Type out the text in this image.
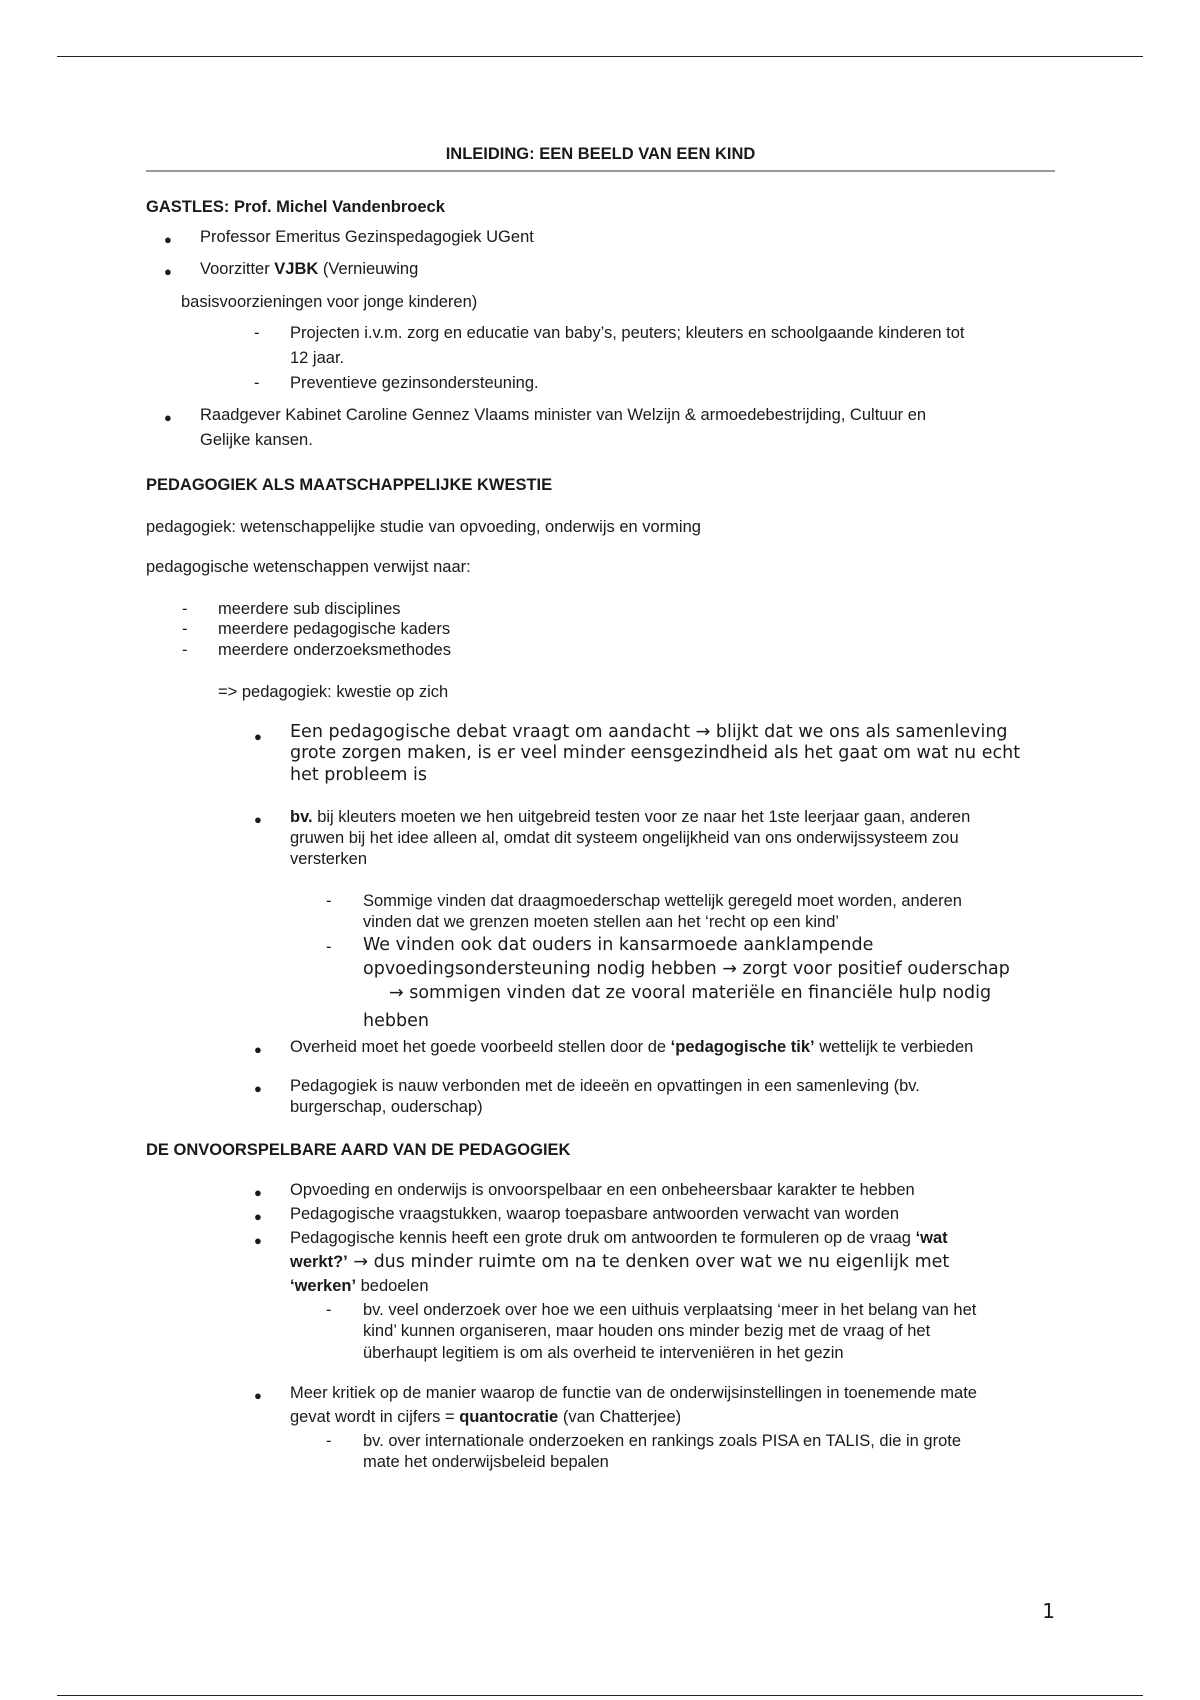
INLEIDING: EEN BEELD VAN EEN KIND
GASTLES: Prof. Michel Vandenbroeck
● Professor Emeritus Gezinspedagogiek UGent
● Voorzitter VJBK (Vernieuwing
basisvoorzieningen voor jonge kinderen)
- Projecten i.v.m. zorg en educatie van baby’s, peuters; kleuters en schoolgaande kinderen tot
12 jaar.
- Preventieve gezinsondersteuning.
● Raadgever Kabinet Caroline Gennez Vlaams minister van Welzijn & armoedebestrijding, Cultuur en
Gelijke kansen.
PEDAGOGIEK ALS MAATSCHAPPELIJKE KWESTIE
pedagogiek: wetenschappelijke studie van opvoeding, onderwijs en vorming
pedagogische wetenschappen verwijst naar:
- meerdere sub disciplines
- meerdere pedagogische kaders
- meerdere onderzoeksmethodes
=> pedagogiek: kwestie op zich
● Een pedagogische debat vraagt om aandacht → blijkt dat we ons als samenleving
grote zorgen maken, is er veel minder eensgezindheid als het gaat om wat nu echt
het probleem is
● bv. bij kleuters moeten we hen uitgebreid testen voor ze naar het 1ste leerjaar gaan, anderen
gruwen bij het idee alleen al, omdat dit systeem ongelijkheid van ons onderwijssysteem zou
versterken
- Sommige vinden dat draagmoederschap wettelijk geregeld moet worden, anderen
vinden dat we grenzen moeten stellen aan het ‘recht op een kind’
- We vinden ook dat ouders in kansarmoede aanklampende
opvoedingsondersteuning nodig hebben → zorgt voor positief ouderschap
→ sommigen vinden dat ze vooral materiële en financiële hulp nodig
hebben
● Overheid moet het goede voorbeeld stellen door de ‘pedagogische tik’ wettelijk te verbieden
● Pedagogiek is nauw verbonden met de ideeën en opvattingen in een samenleving (bv.
burgerschap, ouderschap)
DE ONVOORSPELBARE AARD VAN DE PEDAGOGIEK
● Opvoeding en onderwijs is onvoorspelbaar en een onbeheersbaar karakter te hebben
● Pedagogische vraagstukken, waarop toepasbare antwoorden verwacht van worden
● Pedagogische kennis heeft een grote druk om antwoorden te formuleren op de vraag ‘wat
werkt?’ → dus minder ruimte om na te denken over wat we nu eigenlijk met
‘werken’ bedoelen
- bv. veel onderzoek over hoe we een uithuis verplaatsing ‘meer in het belang van het
kind’ kunnen organiseren, maar houden ons minder bezig met de vraag of het
überhaupt legitiem is om als overheid te interveniëren in het gezin
● Meer kritiek op de manier waarop de functie van de onderwijsinstellingen in toenemende mate
gevat wordt in cijfers = quantocratie (van Chatterjee)
- bv. over internationale onderzoeken en rankings zoals PISA en TALIS, die in grote
mate het onderwijsbeleid bepalen
1
